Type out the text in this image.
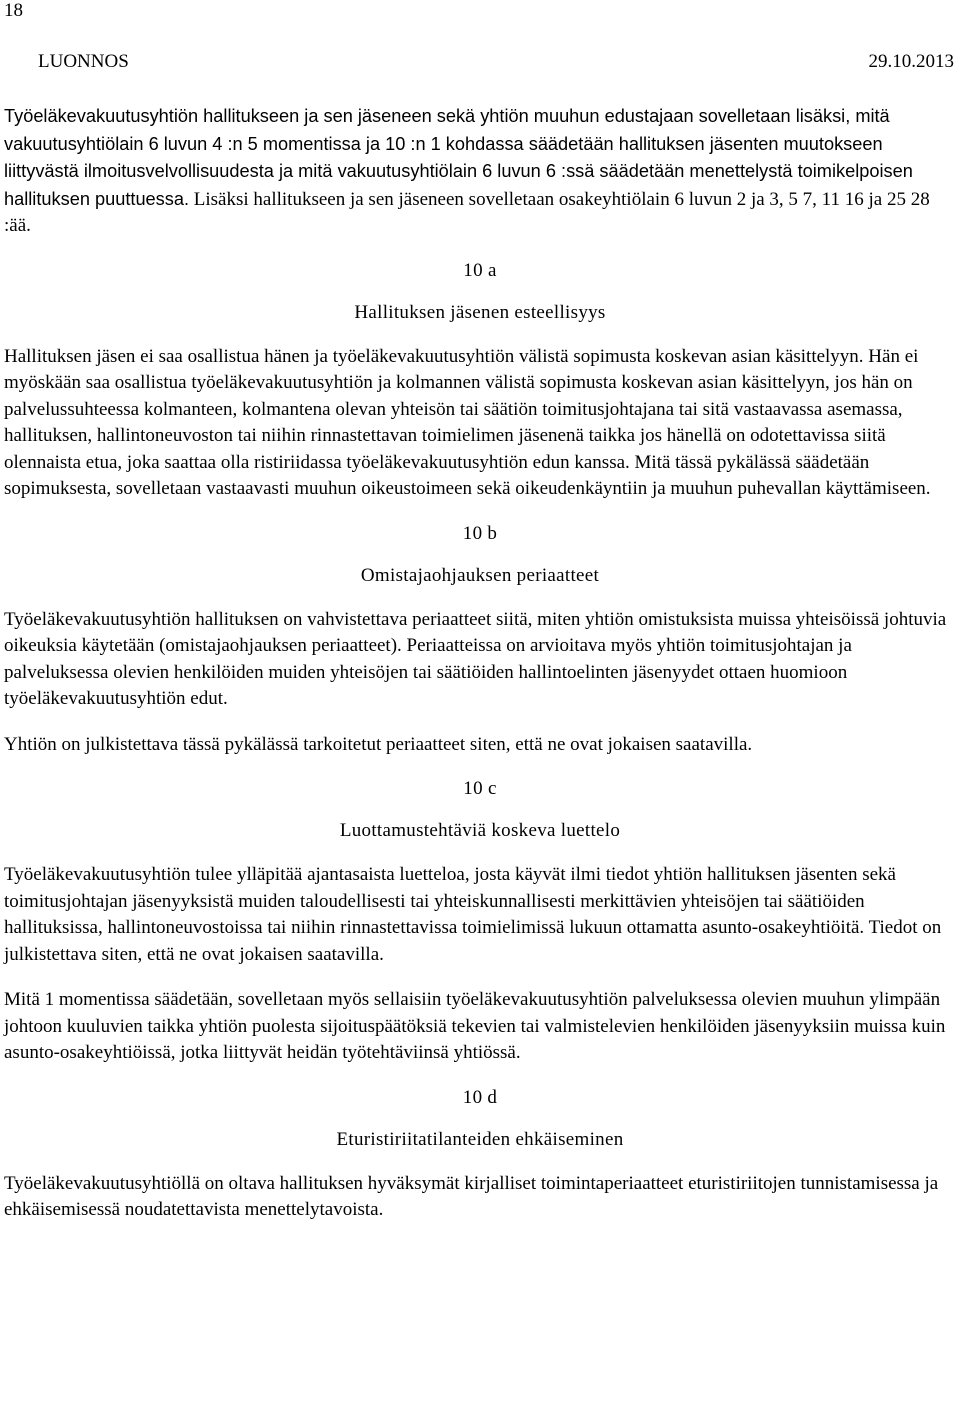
18
LUONNOS	29.10.2013

Työeläkevakuutusyhtiön hallitukseen ja sen jäseneen sekä yhtiön muuhun edustajaan sovelletaan lisäksi, mitä vakuutusyhtiölain 6 luvun 4 :n 5 momentissa ja 10 :n 1 kohdassa säädetään hallituksen jäsenten muutokseen liittyvästä ilmoitusvelvollisuudesta ja mitä vakuutusyhtiölain 6 luvun 6 :ssä säädetään menettelystä toimikelpoisen hallituksen puuttuessa. Lisäksi hallitukseen ja sen jäseneen sovelletaan osakeyhtiölain 6 luvun 2 ja 3, 5 7, 11 16 ja 25 28 :ää.

10 a

Hallituksen jäsenen esteellisyys

Hallituksen jäsen ei saa osallistua hänen ja työeläkevakuutusyhtiön välistä sopimusta koskevan asian käsittelyyn. Hän ei myöskään saa osallistua työeläkevakuutusyhtiön ja kolmannen välistä sopimusta koskevan asian käsittelyyn, jos hän on palvelussuhteessa kolmanteen, kolmantena olevan yhteisön tai säätiön toimitusjohtajana tai sitä vastaavassa asemassa, hallituksen, hallintoneuvoston tai niihin rinnastettavan toimielimen jäsenenä taikka jos hänellä on odotettavissa siitä olennaista etua, joka saattaa olla ristiriidassa työeläkevakuutusyhtiön edun kanssa. Mitä tässä pykälässä säädetään sopimuksesta, sovelletaan vastaavasti muuhun oikeustoimeen sekä oikeudenkäyntiin ja muuhun puhevallan käyttämiseen.

10 b

Omistajaohjauksen periaatteet

Työeläkevakuutusyhtiön hallituksen on vahvistettava periaatteet siitä, miten yhtiön omistuksista muissa yhteisöissä johtuvia oikeuksia käytetään (omistajaohjauksen periaatteet). Periaatteissa on arvioitava myös yhtiön toimitusjohtajan ja palveluksessa olevien henkilöiden muiden yhteisöjen tai säätiöiden hallintoelinten jäsenyydet ottaen huomioon työeläkevakuutusyhtiön edut.

Yhtiön on julkistettava tässä pykälässä tarkoitetut periaatteet siten, että ne ovat jokaisen saatavilla.

10 c

Luottamustehtäviä koskeva luettelo

Työeläkevakuutusyhtiön tulee ylläpitää ajantasaista luetteloa, josta käyvät ilmi tiedot yhtiön hallituksen jäsenten sekä toimitusjohtajan jäsenyyksistä muiden taloudellisesti tai yhteiskunnallisesti merkittävien yhteisöjen tai säätiöiden hallituksissa, hallintoneuvostoissa tai niihin rinnastettavissa toimielimissä lukuun ottamatta asunto-osakeyhtiöitä. Tiedot on julkistettava siten, että ne ovat jokaisen saatavilla.

Mitä 1 momentissa säädetään, sovelletaan myös sellaisiin työeläkevakuutusyhtiön palveluksessa olevien muuhun ylimpään johtoon kuuluvien taikka yhtiön puolesta sijoituspäätöksiä tekevien tai valmistelevien henkilöiden jäsenyyksiin muissa kuin asunto-osakeyhtiöissä, jotka liittyvät heidän työtehtäviinsä yhtiössä.

10 d

Eturistiriitatilanteiden ehkäiseminen

Työeläkevakuutusyhtiöllä on oltava hallituksen hyväksymät kirjalliset toimintaperiaatteet eturistiriitojen tunnistamisessa ja ehkäisemisessä noudatettavista menettelytavoista.
